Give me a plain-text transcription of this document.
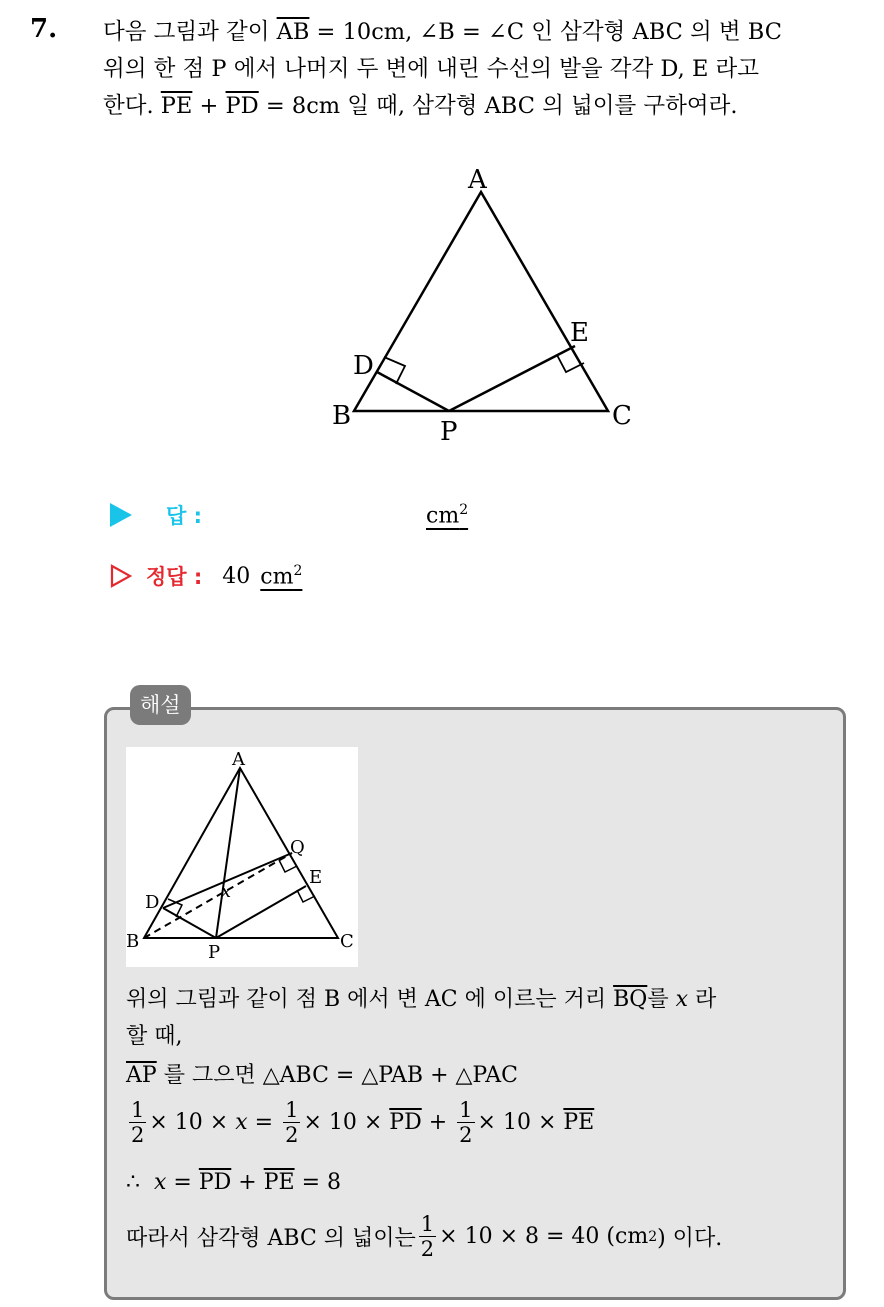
7. 다음 그림과 같이 $\overline{AB} = 10cm$, ∠B = ∠C 인 삼각형 ABC 의 변 BC
위의 한 점 P 에서 나머지 두 변에 내린 수선의 발을 각각 D, E 라고
한다. $\overline{PE} + \overline{PD} = 8cm$ 일 때, 삼각형 ABC 의 넓이를 구하여라.
A
B	C
D
E
P
답 :	$cm^2$
정답 : 40 $cm^2$
해설
A
B	C
D
E
P
Q
x
위의 그림과 같이 점 B 에서 변 AC 에 이르는 거리 $\overline{BQ}$를 x 라
할 때,
$\overline{AP}$ 를 그으면 △ABC = △PAB + △PAC
$\frac{1}{2} \times 10 \times x = \frac{1}{2} \times 10 \times \overline{PD} + \frac{1}{2} \times 10 \times \overline{PE}$
∴  $x = \overline{PD} + \overline{PE} = 8$
따라서 삼각형 ABC 의 넓이는 $\frac{1}{2} \times 10 \times 8 = 40$ ( cm 2 ) 이다.
